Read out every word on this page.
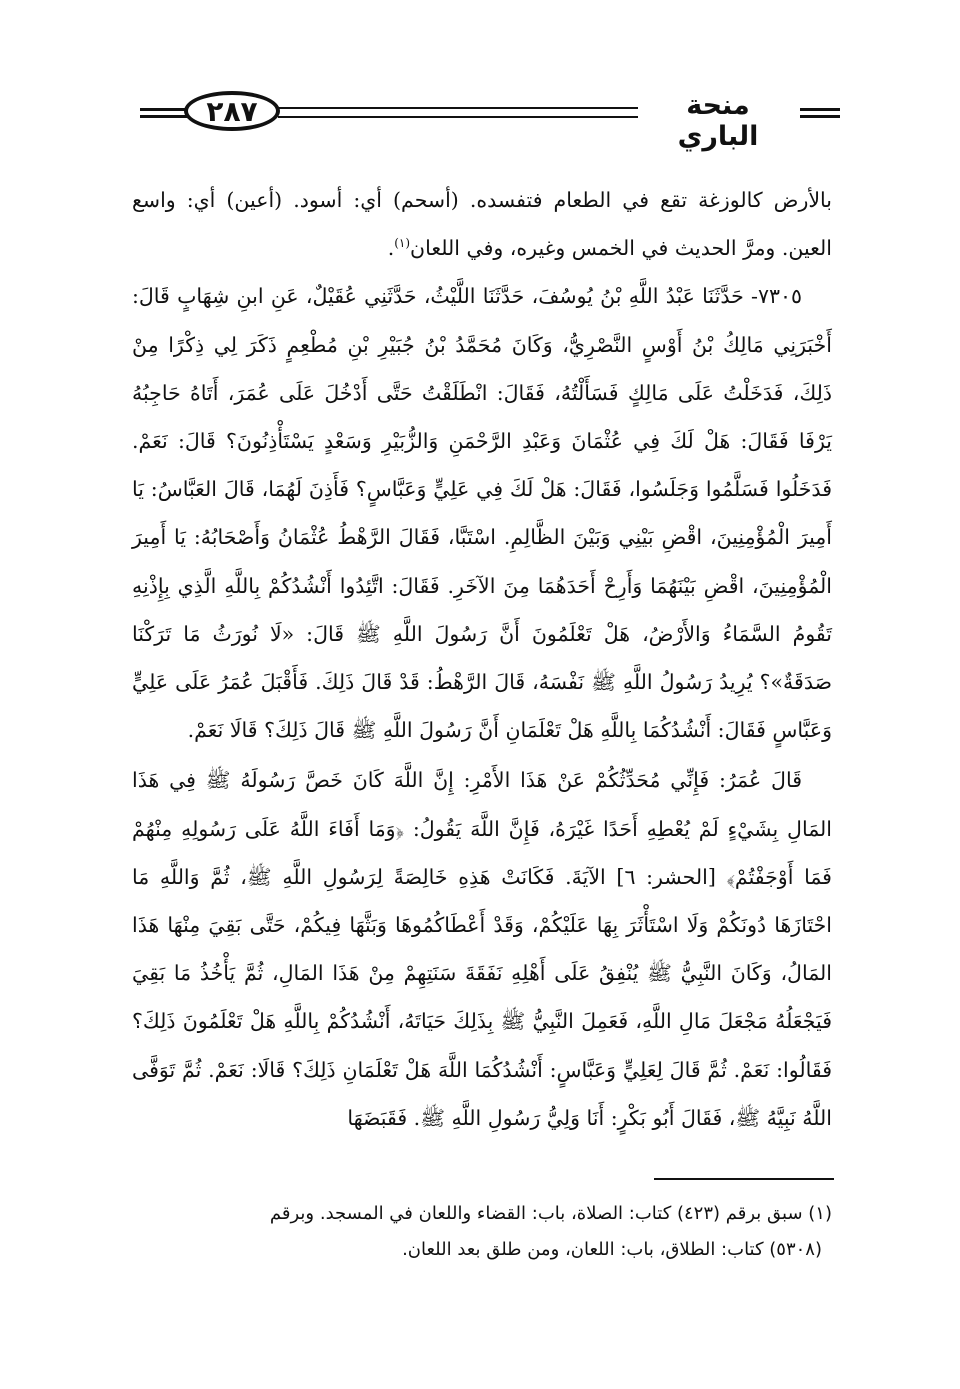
٢٨٧	منحة الباري

بالأرض كالوزغة تقع في الطعام فتفسده. (أسحم) أي: أسود. (أعين) أي: واسع العين. ومرَّ الحديث في الخمس وغيره، وفي اللعان$^{(١)}$.

٧٣٠٥- حَدَّثَنَا عَبْدُ اللَّهِ بْنُ يُوسُفَ، حَدَّثَنَا اللَّيْثُ، حَدَّثَنِي عُقَيْلٌ، عَنِ ابنِ شِهَابٍ قَالَ: أَخْبَرَنِي مَالِكُ بْنُ أَوْسٍ النَّصْرِيُّ، وَكَانَ مُحَمَّدُ بْنُ جُبَيْرِ بْنِ مُطْعِمٍ ذَكَرَ لِي ذِكْرًا مِنْ ذَلِكَ، فَدَخَلْتُ عَلَى مَالِكٍ فَسَأَلْتُهُ، فَقَالَ: انْطَلَقْتُ حَتَّى أَدْخُلَ عَلَى عُمَرَ، أَتَاهُ حَاجِبُهُ يَرْفَا فَقَالَ: هَلْ لَكَ فِي عُثْمَانَ وَعَبْدِ الرَّحْمَنِ وَالزُّبَيْرِ وَسَعْدٍ يَسْتَأْذِنُونَ؟ قَالَ: نَعَمْ. فَدَخَلُوا فَسَلَّمُوا وَجَلَسُوا، فَقَالَ: هَلْ لَكَ فِي عَلِيٍّ وَعَبَّاسٍ؟ فَأَذِنَ لَهُمَا، قَالَ العَبَّاسُ: يَا أَمِيرَ الْمُؤْمِنِينَ، اقْضِ بَيْنِي وَبَيْنَ الظَّالِمِ. اسْتَبَّا، فَقَالَ الرَّهْطُ عُثْمَانُ وَأَصْحَابُهُ: يَا أَمِيرَ الْمُؤْمِنِينَ، اقْضِ بَيْنَهُمَا وَأَرِحْ أَحَدَهُمَا مِنَ الآخَرِ. فَقَالَ: اتَّئِدُوا أَنْشُدُكُمْ بِاللَّهِ الَّذِي بِإِذْنِهِ تَقُومُ السَّمَاءُ وَالأَرْضُ، هَلْ تَعْلَمُونَ أَنَّ رَسُولَ اللَّهِ ﷺ قَالَ: «لَا نُورَثُ مَا تَرَكْنَا صَدَقَةٌ»؟ يُرِيدُ رَسُولُ اللَّهِ ﷺ نَفْسَهُ، قَالَ الرَّهْطُ: قَدْ قَالَ ذَلِكَ. فَأَقْبَلَ عُمَرُ عَلَى عَلِيٍّ وَعَبَّاسٍ فَقَالَ: أَنْشُدُكُمَا بِاللَّهِ هَلْ تَعْلَمَانِ أَنَّ رَسُولَ اللَّهِ ﷺ قَالَ ذَلِكَ؟ قَالَا نَعَمْ.

قَالَ عُمَرُ: فَإِنِّي مُحَدِّثُكُمْ عَنْ هَذَا الأَمْرِ: إِنَّ اللَّهَ كَانَ خَصَّ رَسُولَهُ ﷺ فِي هَذَا المَالِ بِشَيْءٍ لَمْ يُعْطِهِ أَحَدًا غَيْرَهُ، فَإِنَّ اللَّهَ يَقُولُ: ﴿وَمَا أَفَاءَ اللَّهُ عَلَى رَسُولِهِ مِنْهُمْ فَمَا أَوْجَفْتُمْ﴾ [الحشر: ٦] الآيَةَ. فَكَانَتْ هَذِهِ خَالِصَةً لِرَسُولِ اللَّهِ ﷺ، ثُمَّ وَاللَّهِ مَا احْتَازَهَا دُونَكُمْ وَلَا اسْتَأْثَرَ بِهَا عَلَيْكُمْ، وَقَدْ أَعْطَاكُمُوهَا وَبَثَّهَا فِيكُمْ، حَتَّى بَقِيَ مِنْهَا هَذَا المَالُ، وَكَانَ النَّبِيُّ ﷺ يُنْفِقُ عَلَى أَهْلِهِ نَفَقَةَ سَنَتِهِمْ مِنْ هَذَا المَالِ، ثُمَّ يَأْخُذُ مَا بَقِيَ فَيَجْعَلُهُ مَجْعَلَ مَالِ اللَّهِ، فَعَمِلَ النَّبِيُّ ﷺ بِذَلِكَ حَيَاتَهُ، أَنْشُدُكُمْ بِاللَّهِ هَلْ تَعْلَمُونَ ذَلِكَ؟ فَقَالُوا: نَعَمْ. ثُمَّ قَالَ لِعَلِيٍّ وَعَبَّاسٍ: أَنْشُدُكُمَا اللَّهَ هَلْ تَعْلَمَانِ ذَلِكَ؟ قَالَا: نَعَمْ. ثُمَّ تَوَفَّى اللَّهُ نَبِيَّهُ ﷺ، فَقَالَ أَبُو بَكْرٍ: أَنَا وَلِيُّ رَسُولِ اللَّهِ ﷺ. فَقَبَضَهَا

(١) سبق برقم (٤٢٣) كتاب: الصلاة، باب: القضاء واللعان في المسجد. وبرقم

(٥٣٠٨) كتاب: الطلاق، باب: اللعان، ومن طلق بعد اللعان.
